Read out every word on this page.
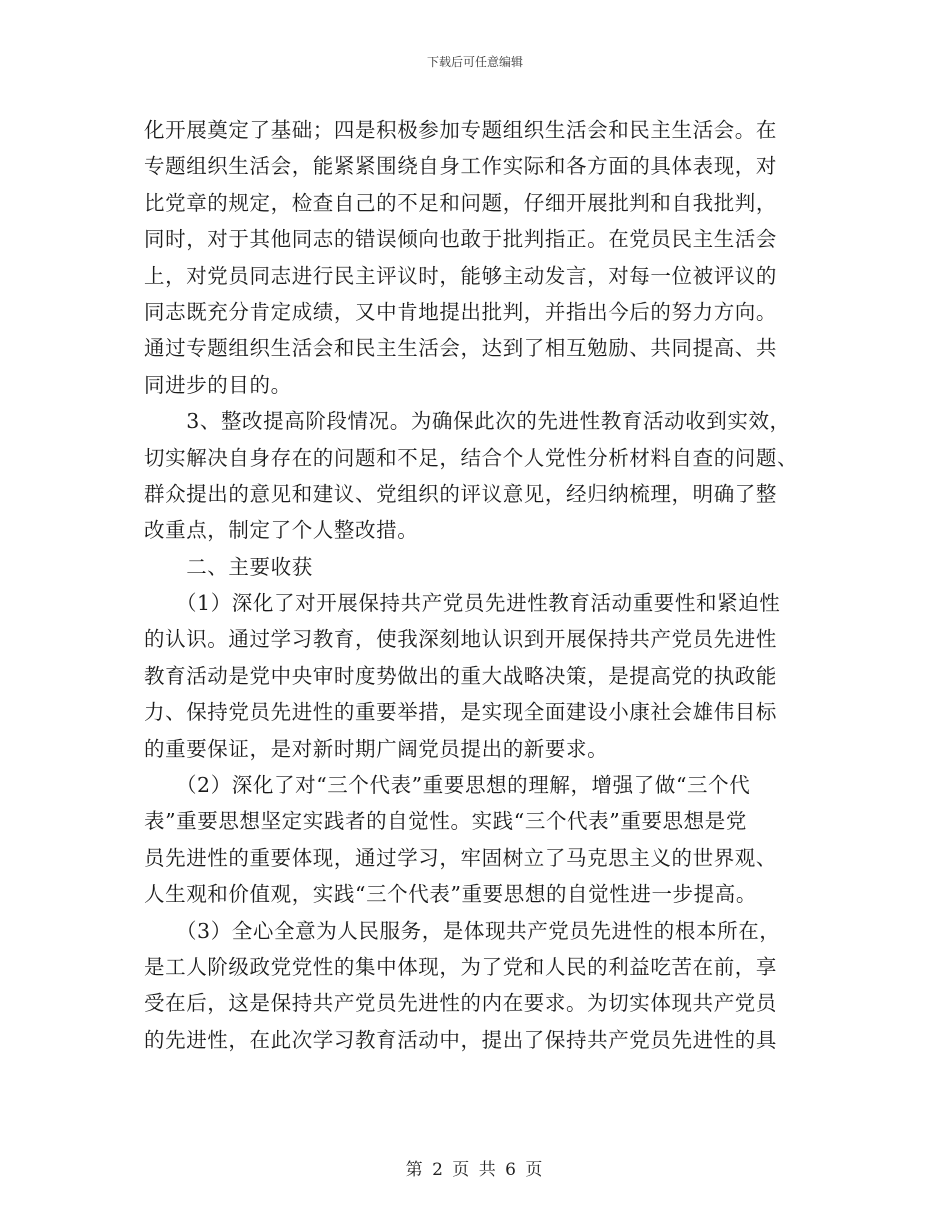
下载后可任意编辑
化开展奠定了基础；四是积极参加专题组织生活会和民主生活会。在
专题组织生活会，能紧紧围绕自身工作实际和各方面的具体表现，对
比党章的规定，检查自己的不足和问题，仔细开展批判和自我批判，
同时，对于其他同志的错误倾向也敢于批判指正。在党员民主生活会
上，对党员同志进行民主评议时，能够主动发言，对每一位被评议的
同志既充分肯定成绩，又中肯地提出批判，并指出今后的努力方向。
通过专题组织生活会和民主生活会，达到了相互勉励、共同提高、共
同进步的目的。
　　3、整改提高阶段情况。为确保此次的先进性教育活动收到实效，
切实解决自身存在的问题和不足，结合个人党性分析材料自查的问题、
群众提出的意见和建议、党组织的评议意见，经归纳梳理，明确了整
改重点，制定了个人整改措。
　　二、主要收获
　　（1）深化了对开展保持共产党员先进性教育活动重要性和紧迫性
的认识。通过学习教育，使我深刻地认识到开展保持共产党员先进性
教育活动是党中央审时度势做出的重大战略决策，是提高党的执政能
力、保持党员先进性的重要举措，是实现全面建设小康社会雄伟目标
的重要保证，是对新时期广阔党员提出的新要求。
　　（2）深化了对“三个代表”重要思想的理解，增强了做“三个代
表”重要思想坚定实践者的自觉性。实践“三个代表”重要思想是党
员先进性的重要体现，通过学习，牢固树立了马克思主义的世界观、
人生观和价值观，实践“三个代表”重要思想的自觉性进一步提高。
　　（3）全心全意为人民服务，是体现共产党员先进性的根本所在，
是工人阶级政党党性的集中体现，为了党和人民的利益吃苦在前，享
受在后，这是保持共产党员先进性的内在要求。为切实体现共产党员
的先进性，在此次学习教育活动中，提出了保持共产党员先进性的具
第 2 页 共 6 页
